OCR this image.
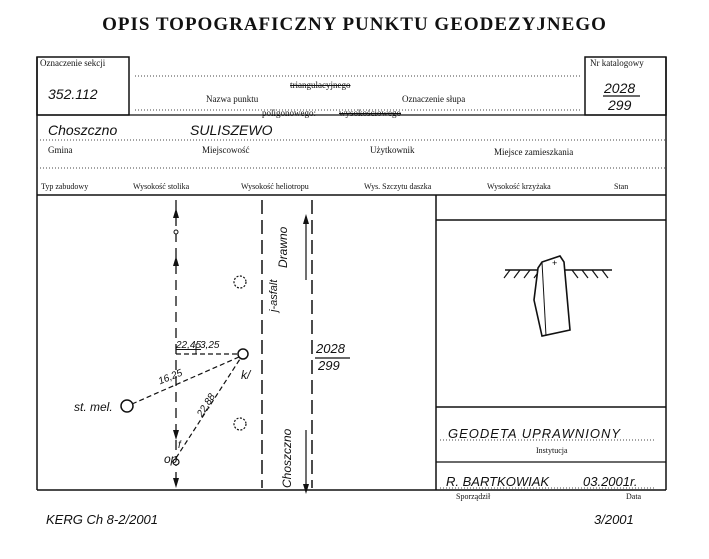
OPIS TOPOGRAFICZNY PUNKTU GEODEZYJNEGO
+
Oznaczenie sekcji
352.112
Nr katalogowy
2028
299
Nazwa punktu
triangulacyjnego
poligonowego:	wysokościowego
Oznaczenie słupa
Choszczno	SULISZEWO
Gmina	Miejscowość	Użytkownik	Miejsce zamieszkania
Typ zabudowy	Wysokość stolika	Wysokość heliotropu	Wys. Szczytu daszka	Wysokość krzyżaka	Stan
22,45
3,25
16,25
22,88
k/
st. mel.
f
op
j-asfalt
Drawno
Choszczno
2028
299
GEODETA UPRAWNIONY
Instytucja
R. BARTKOWIAK	03.2001r.
Sporządził	Data
KERG Ch 8-2/2001	3/2001
